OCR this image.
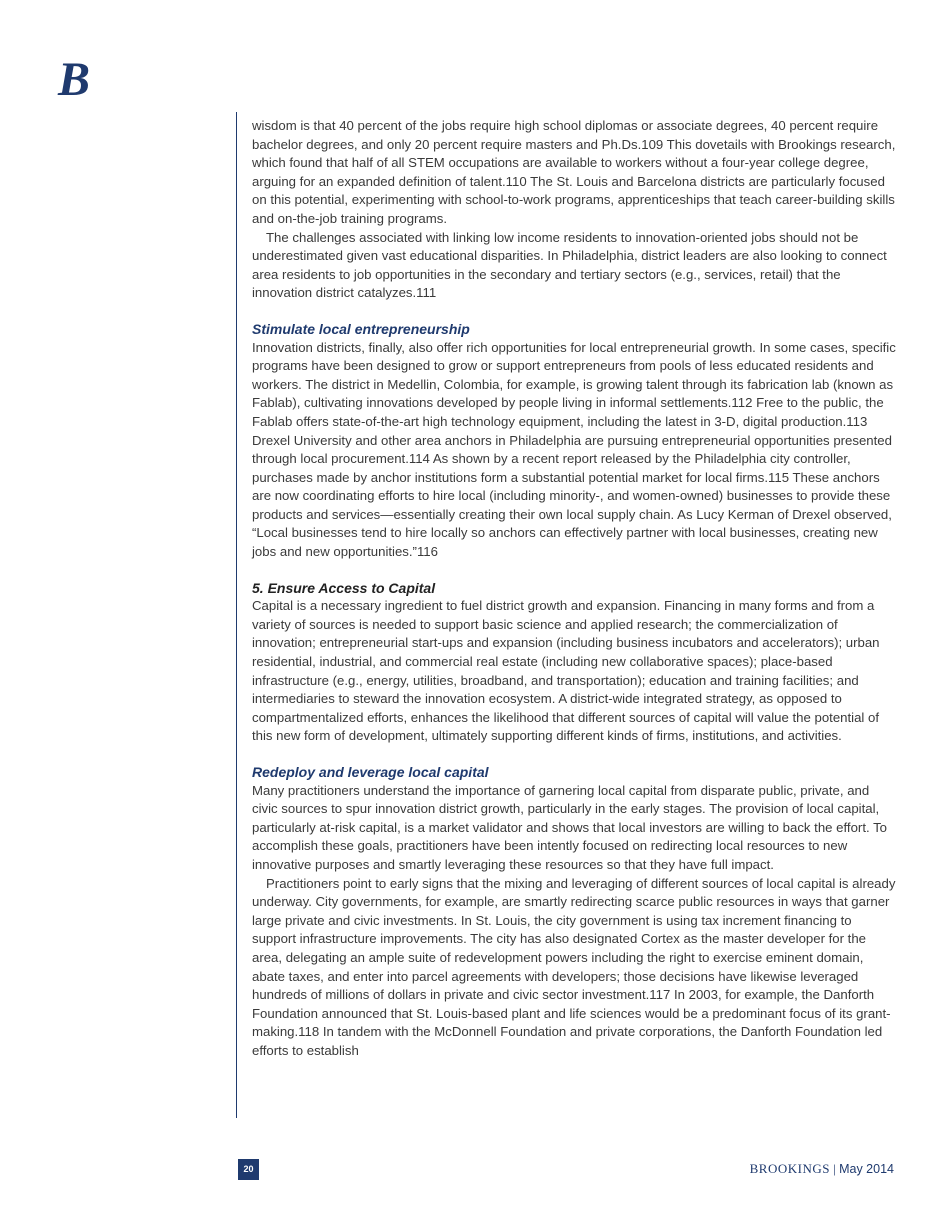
B

wisdom is that 40 percent of the jobs require high school diplomas or associate degrees, 40 percent require bachelor degrees, and only 20 percent require masters and Ph.Ds.109 This dovetails with Brookings research, which found that half of all STEM occupations are available to workers without a four-year college degree, arguing for an expanded definition of talent.110 The St. Louis and Barcelona districts are particularly focused on this potential, experimenting with school-to-work programs, apprenticeships that teach career-building skills and on-the-job training programs.

The challenges associated with linking low income residents to innovation-oriented jobs should not be underestimated given vast educational disparities. In Philadelphia, district leaders are also looking to connect area residents to job opportunities in the secondary and tertiary sectors (e.g., services, retail) that the innovation district catalyzes.111

Stimulate local entrepreneurship

Innovation districts, finally, also offer rich opportunities for local entrepreneurial growth. In some cases, specific programs have been designed to grow or support entrepreneurs from pools of less educated residents and workers. The district in Medellin, Colombia, for example, is growing talent through its fabrication lab (known as Fablab), cultivating innovations developed by people living in informal settlements.112 Free to the public, the Fablab offers state-of-the-art high technology equipment, including the latest in 3-D, digital production.113 Drexel University and other area anchors in Philadelphia are pursuing entrepreneurial opportunities presented through local procurement.114 As shown by a recent report released by the Philadelphia city controller, purchases made by anchor institutions form a substantial potential market for local firms.115 These anchors are now coordinating efforts to hire local (including minority-, and women-owned) businesses to provide these products and services—essentially creating their own local supply chain. As Lucy Kerman of Drexel observed, “Local businesses tend to hire locally so anchors can effectively partner with local businesses, creating new jobs and new opportunities.”116

5. Ensure Access to Capital

Capital is a necessary ingredient to fuel district growth and expansion. Financing in many forms and from a variety of sources is needed to support basic science and applied research; the commercialization of innovation; entrepreneurial start-ups and expansion (including business incubators and accelerators); urban residential, industrial, and commercial real estate (including new collaborative spaces); place-based infrastructure (e.g., energy, utilities, broadband, and transportation); education and training facilities; and intermediaries to steward the innovation ecosystem. A district-wide integrated strategy, as opposed to compartmentalized efforts, enhances the likelihood that different sources of capital will value the potential of this new form of development, ultimately supporting different kinds of firms, institutions, and activities.

Redeploy and leverage local capital

Many practitioners understand the importance of garnering local capital from disparate public, private, and civic sources to spur innovation district growth, particularly in the early stages. The provision of local capital, particularly at-risk capital, is a market validator and shows that local investors are willing to back the effort. To accomplish these goals, practitioners have been intently focused on redirecting local resources to new innovative purposes and smartly leveraging these resources so that they have full impact.

Practitioners point to early signs that the mixing and leveraging of different sources of local capital is already underway. City governments, for example, are smartly redirecting scarce public resources in ways that garner large private and civic investments. In St. Louis, the city government is using tax increment financing to support infrastructure improvements. The city has also designated Cortex as the master developer for the area, delegating an ample suite of redevelopment powers including the right to exercise eminent domain, abate taxes, and enter into parcel agreements with developers; those decisions have likewise leveraged hundreds of millions of dollars in private and civic sector investment.117 In 2003, for example, the Danforth Foundation announced that St. Louis-based plant and life sciences would be a predominant focus of its grant-making.118 In tandem with the McDonnell Foundation and private corporations, the Danforth Foundation led efforts to establish

20	BROOKINGS | May 2014
